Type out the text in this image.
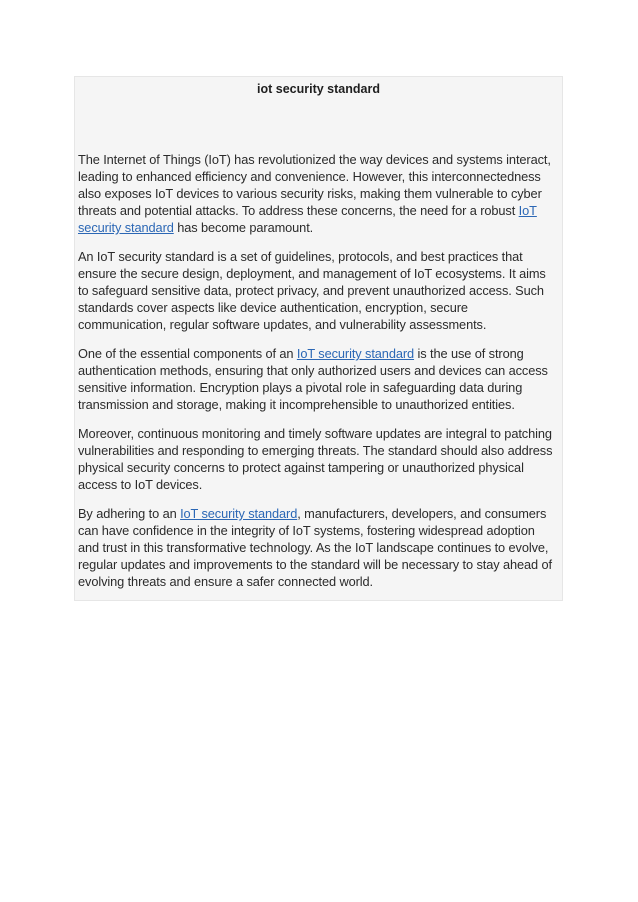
iot security standard

The Internet of Things (IoT) has revolutionized the way devices and systems interact, leading to enhanced efficiency and convenience. However, this interconnectedness also exposes IoT devices to various security risks, making them vulnerable to cyber threats and potential attacks. To address these concerns, the need for a robust IoT security standard has become paramount.

An IoT security standard is a set of guidelines, protocols, and best practices that ensure the secure design, deployment, and management of IoT ecosystems. It aims to safeguard sensitive data, protect privacy, and prevent unauthorized access. Such standards cover aspects like device authentication, encryption, secure communication, regular software updates, and vulnerability assessments.

One of the essential components of an IoT security standard is the use of strong authentication methods, ensuring that only authorized users and devices can access sensitive information. Encryption plays a pivotal role in safeguarding data during transmission and storage, making it incomprehensible to unauthorized entities.

Moreover, continuous monitoring and timely software updates are integral to patching vulnerabilities and responding to emerging threats. The standard should also address physical security concerns to protect against tampering or unauthorized physical access to IoT devices.

By adhering to an IoT security standard, manufacturers, developers, and consumers can have confidence in the integrity of IoT systems, fostering widespread adoption and trust in this transformative technology. As the IoT landscape continues to evolve, regular updates and improvements to the standard will be necessary to stay ahead of evolving threats and ensure a safer connected world.
